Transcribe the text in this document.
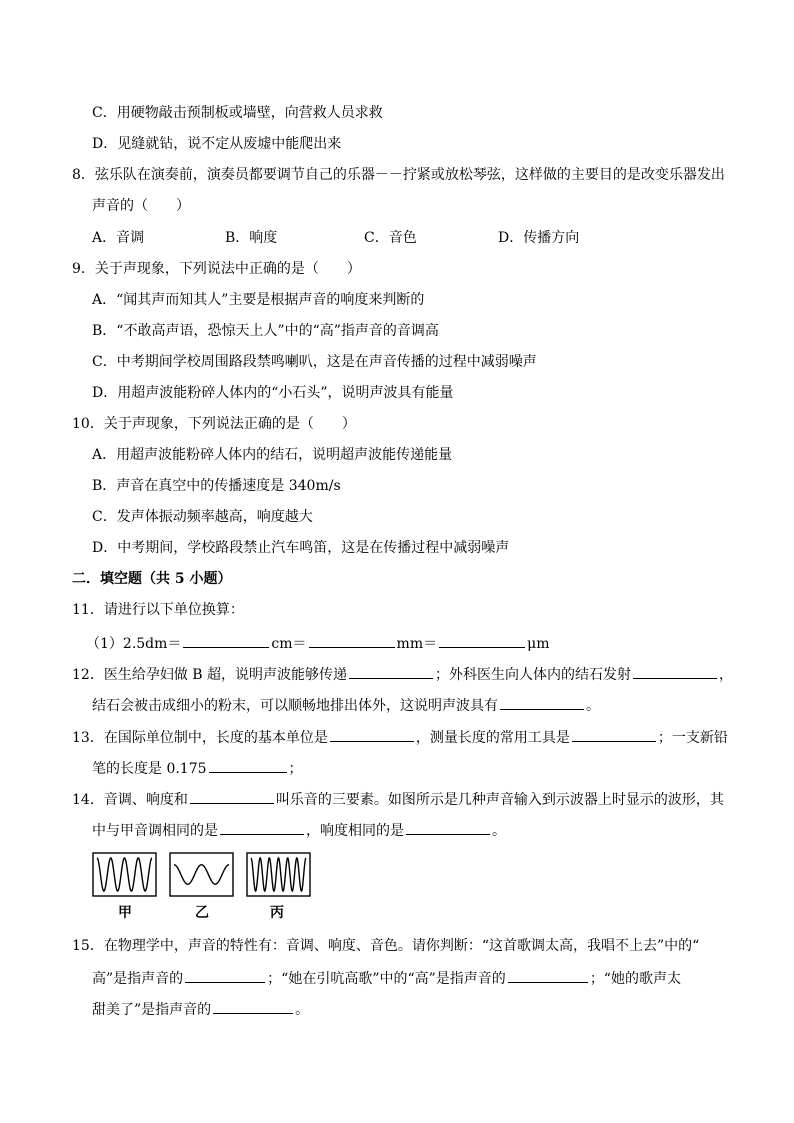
C．用硬物敲击预制板或墙壁，向营救人员求救
D．见缝就钻，说不定从废墟中能爬出来
8．弦乐队在演奏前，演奏员都要调节自己的乐器－－拧紧或放松琴弦，这样做的主要目的是改变乐器发出
声音的（　　）
A．音调	B．响度	C．音色	D．传播方向
9．关于声现象，下列说法中正确的是（　　）
A．“闻其声而知其人”主要是根据声音的响度来判断的
B．“不敢高声语，恐惊天上人”中的“高”指声音的音调高
C．中考期间学校周围路段禁鸣喇叭，这是在声音传播的过程中减弱噪声
D．用超声波能粉碎人体内的“小石头”，说明声波具有能量
10．关于声现象，下列说法正确的是（　　）
A．用超声波能粉碎人体内的结石，说明超声波能传递能量
B．声音在真空中的传播速度是 340m/s
C．发声体振动频率越高，响度越大
D．中考期间，学校路段禁止汽车鸣笛，这是在传播过程中减弱噪声
二．填空题（共 5 小题）
11．请进行以下单位换算：
（1）2.5dm＝	cm＝	mm＝	μm
12．医生给孕妇做 B 超，说明声波能够传递	；外科医生向人体内的结石发射	，
结石会被击成细小的粉末，可以顺畅地排出体外，这说明声波具有	。
13．在国际单位制中，长度的基本单位是	，测量长度的常用工具是	；一支新铅
笔的长度是 0.175	；
14．音调、响度和	叫乐音的三要素。如图所示是几种声音输入到示波器上时显示的波形，其
中与甲音调相同的是	，响度相同的是	。
甲	乙	丙
15．在物理学中，声音的特性有：音调、响度、音色。请你判断：“这首歌调太高，我唱不上去”中的“
高”是指声音的	；“她在引吭高歌”中的“高”是指声音的	；“她的歌声太
甜美了”是指声音的	。
